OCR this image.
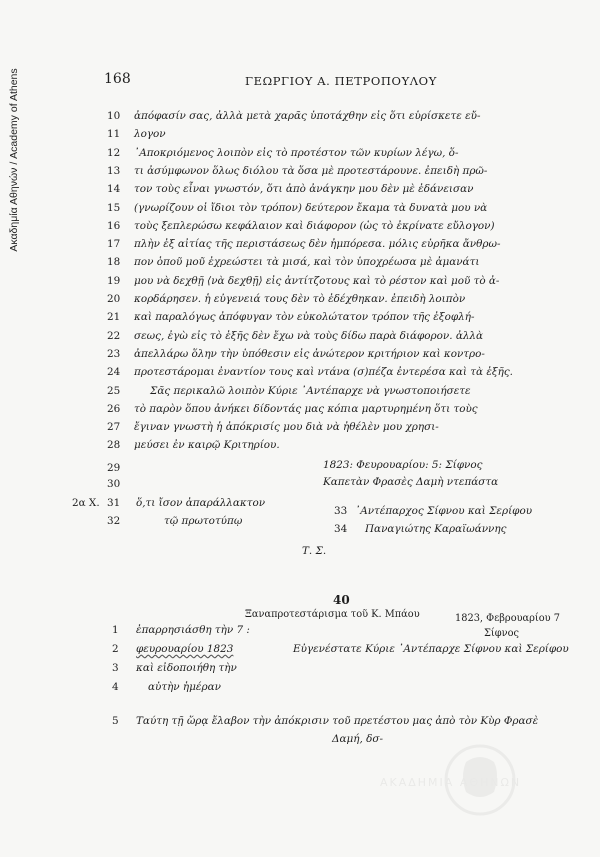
Ακαδημία Αθηνών / Academy of Athens	168	ΓΕΩΡΓΙΟΥ Α. ΠΕΤΡΟΠΟΥΛΟΥ
10 ἀπόφασίν σας, ἀλλὰ μετὰ χαρᾶς ὑποτάχθην εἰς ὅτι εὑρίσκετε εὔ-
11 λογον
12 ᾿Αποκριόμενος λοιπὸν εἰς τὸ προτέστον τῶν κυρίων λέγω, ὅ-
13 τι ἀσύμφωνον ὅλως διόλου τὰ ὅσα μὲ προτεστάρουνε. ἐπειδὴ πρῶ-
14 τον τοὺς εἶναι γνωστόν, ὅτι ἀπὸ ἀνάγκην μου δὲν μὲ ἐδάνεισαν
15 (γνωρίζουν οἱ ἴδιοι τὸν τρόπον) δεύτερον ἔκαμα τὰ δυνατὰ μου νὰ
16 τοὺς ξεπλερώσω κεφάλαιον καὶ διάφορον (ὡς τὸ ἐκρίνατε εὔλογον)
17 πλὴν ἐξ αἰτίας τῆς περιστάσεως δὲν ἠμπόρεσα. μόλις εὑρῆκα ἄνθρω-
18 πον ὁποῦ μοῦ ἐχρεώστει τὰ μισά, καὶ τὸν ὑποχρέωσα μὲ ἀμανάτι
19 μου νὰ δεχθῇ ⟨νὰ δεχθῇ⟩ εἰς ἀντίτζοτους καὶ τὸ ρέστον καὶ μοῦ τὸ ἀ-
20 κορδάρησεν. ἡ εὐγενειά τους δὲν τὸ ἐδέχθηκαν. ἐπειδὴ λοιπὸν
21 καὶ παραλόγως ἀπόφυγαν τὸν εὐκολώτατον τρόπον τῆς ἐξοφλή-
22 σεως, ἐγὼ εἰς τὸ ἑξῆς δὲν ἔχω νὰ τοὺς δίδω παρὰ διάφορον. ἀλλὰ
23 ἀπελλάρω ὅλην τὴν ὑπόθεσιν εἰς ἀνώτερον κριτήριον καὶ κοντρο-
24 προτεστάρομαι ἐναντίον τους καὶ ντάνα (σ)πέζα ἐντερέσα καὶ τὰ ἑξῆς.
25	Σᾶς περικαλῶ λοιπὸν Κύριε ᾿Αντέπαρχε νὰ γνωστοποιήσετε
26 τὸ παρὸν ὅπου ἀνήκει δίδοντάς μας κόπια μαρτυρημένη ὅτι τοὺς
27 ἔγιναν γνωστὴ ἡ ἀπόκρισίς μου διὰ νὰ ἠθέλὲν μου χρησι-
28 μεύσει ἐν καιρῷ Κριτηρίου.
1823: Φευρουαρίου: 5: Σίφνος
29
Καπετὰν Φρασὲς Δαμὴ ντεπάστα
30
2α Χ. 31 ὅ,τι ἴσον ἀπαράλλακτον
32	τῷ πρωτοτύπῳ
33 ᾿Αντέπαρχος Σίφνου καὶ Σερίφου
34 Παναγιώτης Καραϊωάννης
Τ. Σ.
40
Ξαναπροτεστάρισμα τοῦ Κ. Μπάου	1823, Φεβρουαρίου 7
Σίφνος
1 ἐπαρρησιάσθη τὴν 7 :
2 φευρουαρίου 1823	Εὐγενέστατε Κύριε ᾿Αντέπαρχε Σίφνου καὶ Σερίφου
3 καὶ εἰδοποιήθη τὴν
4	αὐτὴν ἡμέραν
5 Ταύτη τῇ ὥρᾳ ἔλαβον τὴν ἀπόκρισιν τοῦ πρετέστου μας ἀπὸ τὸν Κὺρ Φρασὲ
Δαμή, δσ-
ΑΚΑΔΗΜΙΑ ΑΘΗΝΩΝ
